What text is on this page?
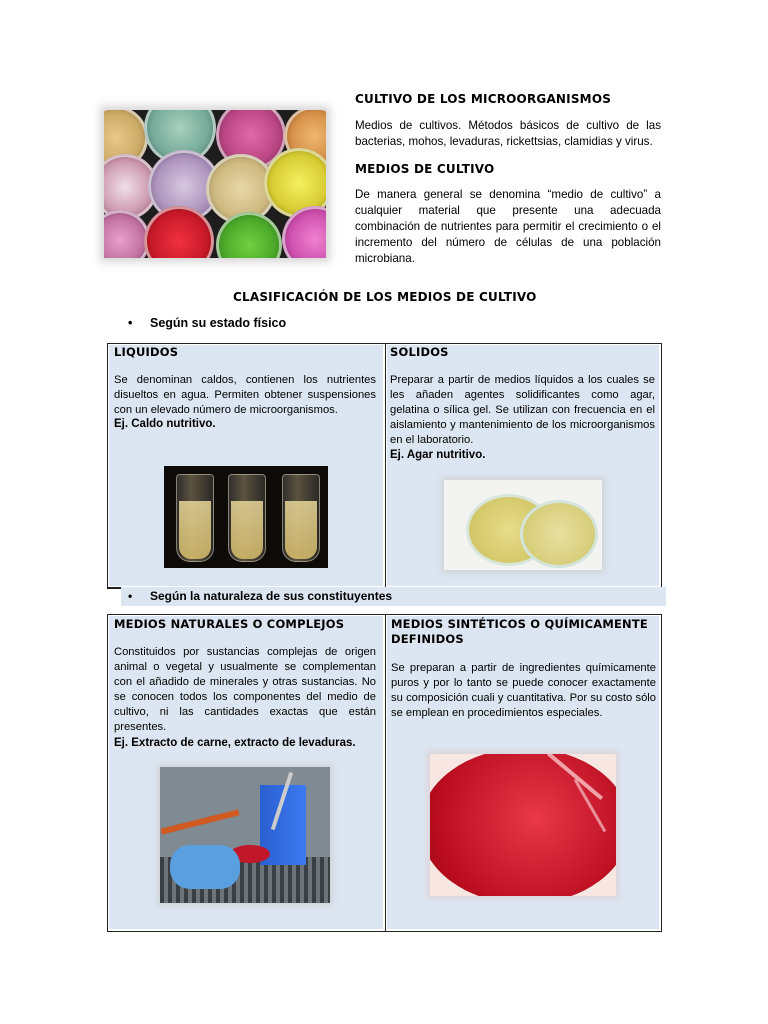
CULTIVO DE LOS MICROORGANISMOS
Medios de cultivos. Métodos básicos de cultivo de las bacterias, mohos, levaduras, rickettsias, clamidias y virus.
MEDIOS DE CULTIVO
De manera general se denomina “medio de cultivo” a cualquier material que presente una adecuada combinación de nutrientes para permitir el crecimiento o el incremento del número de células de una población microbiana.
CLASIFICACIÓN DE LOS MEDIOS DE CULTIVO
• Según su estado físico
LIQUIDOS
Se denominan caldos, contienen los nutrientes disueltos en agua. Permiten obtener suspensiones con un elevado número de microorganismos.
Ej. Caldo nutritivo.
SOLIDOS
Preparar a partir de medios líquidos a los cuales se les añaden agentes solidificantes como agar, gelatina o sílica gel. Se utilizan con frecuencia en el aislamiento y mantenimiento de los microorganismos en el laboratorio.
Ej. Agar nutritivo.
• Según la naturaleza de sus constituyentes
MEDIOS NATURALES O COMPLEJOS
Constituidos por sustancias complejas de origen animal o vegetal y usualmente se complementan con el añadido de minerales y otras sustancias. No se conocen todos los componentes del medio de cultivo, ni las cantidades exactas que están presentes.
Ej. Extracto de carne, extracto de levaduras.
MEDIOS SINTÉTICOS O QUÍMICAMENTE DEFINIDOS
Se preparan a partir de ingredientes químicamente puros y por lo tanto se puede conocer exactamente su composición cuali y cuantitativa. Por su costo sólo se emplean en procedimientos especiales.
